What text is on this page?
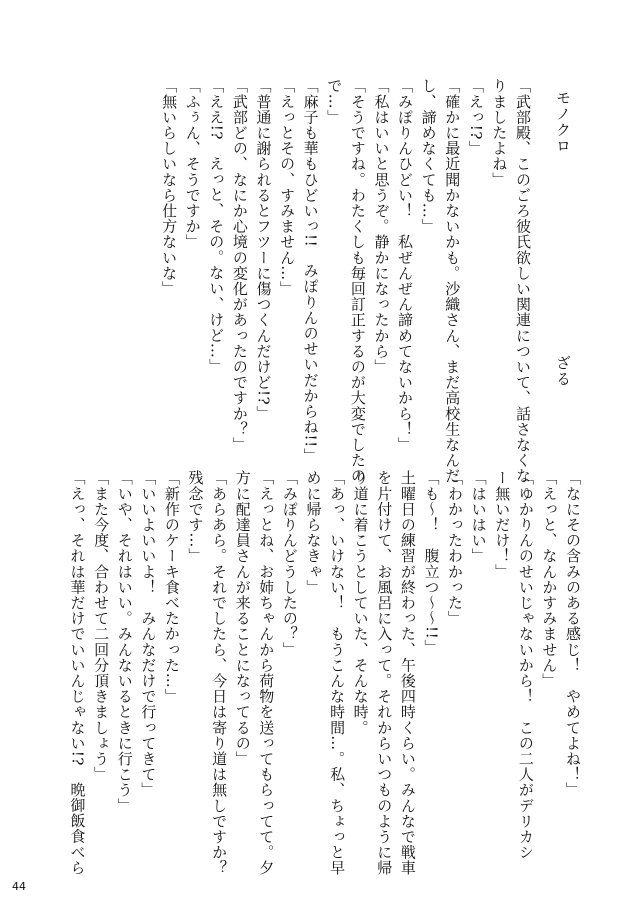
モノクロ
ざる
「武部殿、このごろ彼氏欲しい関連について、話さなくな
りましたよね」
「えっ!?」
「確かに最近聞かないかも。沙織さん、まだ高校生なんだ
し、諦めなくても…」
「みぽりんひどい！　私ぜんぜん諦めてないから！」
「私はいいと思うぞ。静かになったから」
「そうですね。わたくしも毎回訂正するのが大変でしたの
で…」
「麻子も華もひどいっ!!　みぽりんのせいだからね!!」
「えっとその、すみません…」
「普通に謝られるとフツーに傷つくんだけど!?」
「武部どの、なにか心境の変化があったのですか？」
「ええ!?　えっと、その。ない、けど…」
「ふぅん、そうですか」
「無いらしいなら仕方ないな」
「なにその含みのある感じ！　やめてよね！」
「えっと、なんかすみません」
「ゆかりんのせいじゃないから！　この二人がデリカシ
ー無いだけ！」
「はいはい」
「わかったわかった」
「も～！　腹立つ～～!!」
土曜日の練習が終わった、午後四時くらい。みんなで戦車
を片付けて、お風呂に入って。それからいつものように帰
り道に着こうとしていた、そんな時。
「あっ、いけない！　もうこんな時間…。私、ちょっと早
めに帰らなきゃ」
「みぽりんどうしたの？」
「えっとね、お姉ちゃんから荷物を送ってもらってて。夕
方に配達員さんが来ることになってるの」
「あらあら。それでしたら、今日は寄り道は無しですか？
残念です…」
「新作のケーキ食べたかった…」
「いいよいいよ！　みんなだけで行ってきて」
「いや、それはいい。みんないるときに行こう」
「また今度、合わせて二回分頂きましょう」
「えっ、それは華だけでいいんじゃない!?　晩御飯食べら
44
